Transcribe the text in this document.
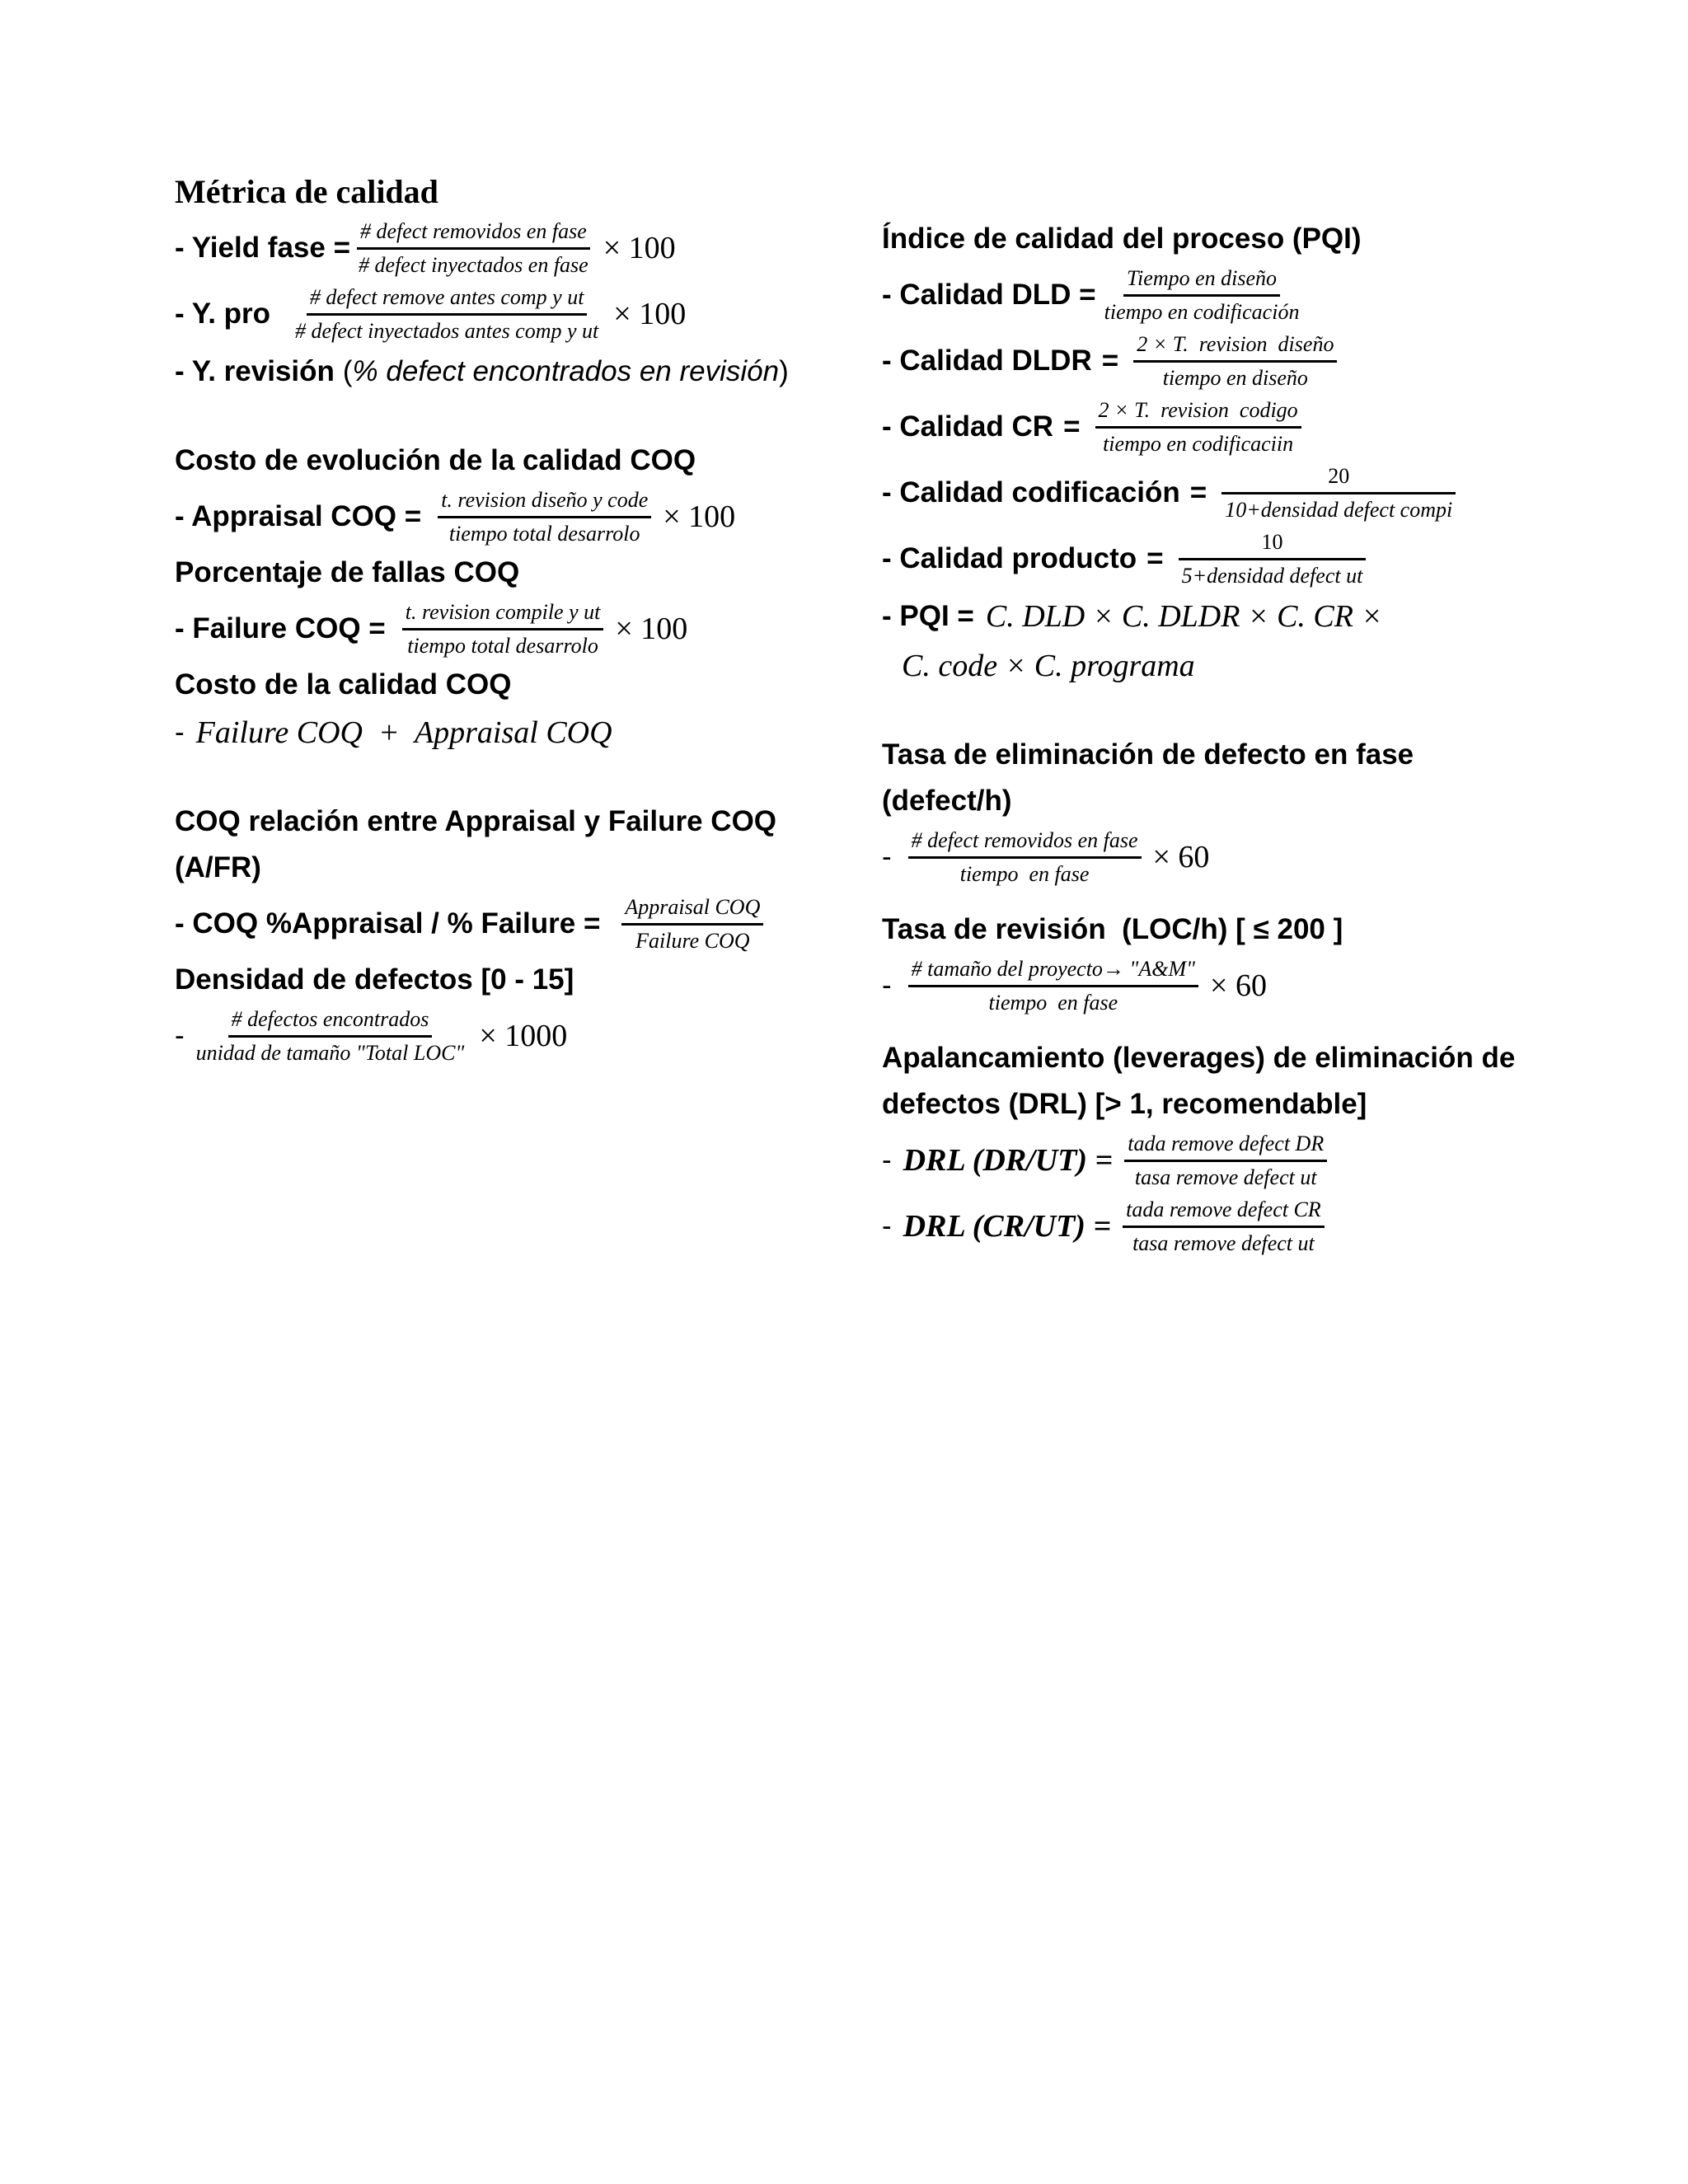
Métrica de calidad
- Yield fase = $\frac{\text{\# defect removidos en fase}}{\text{\# defect inyectados en fase}} \times 100$
- Y. pro $\frac{\text{\# defect remove antes comp y ut}}{\text{\# defect inyectados antes comp y ut}} \times 100$
- Y. revisión ( % defect encontrados en revisión )
Costo de evolución de la calidad COQ
- Appraisal COQ = $\frac{\text{t. revision diseño y code}}{\text{tiempo total desarrolo}} \times 100$
Porcentaje de fallas COQ
- Failure COQ = $\frac{\text{t. revision compile y ut}}{\text{tiempo total desarrolo}} \times 100$
Costo de la calidad COQ
- Failure COQ  +  Appraisal COQ
COQ relación entre Appraisal y Failure COQ (A/FR)
- COQ %Appraisal / % Failure = $\frac{\text{Appraisal COQ}}{\text{Failure COQ}}$
Densidad de defectos [0 - 15]
- $\frac{\text{\# defectos encontrados}}{\text{unidad de tamaño "Total LOC"}} \times 1000$
Índice de calidad del proceso (PQI)
- Calidad DLD = $\frac{\text{Tiempo en diseño}}{\text{tiempo en codificación}}$
- Calidad DLDR = $\frac{\text{2 × T.  revision  diseño}}{\text{tiempo en diseño}}$
- Calidad CR = $\frac{\text{2 × T.  revision  codigo}}{\text{tiempo en codificaciin}}$
- Calidad codificación = $\frac{20}{\text{10+densidad defect compi}}$
- Calidad producto = $\frac{10}{\text{5+densidad defect ut}}$
- PQI = C. DLD × C. DLDR × C. CR ×
C. code × C. programa
Tasa de eliminación de defecto en fase (defect/h)
- $\frac{\text{\# defect removidos en fase}}{\text{tiempo  en fase}} \times 60$
Tasa de revisión  (LOC/h) [ ≤ 200 ]
- $\frac{\text{\# tamaño del proyecto→ "A\&M"}}{\text{tiempo  en fase}} \times 60$
Apalancamiento (leverages) de eliminación de defectos (DRL) [> 1, recomendable]
- DRL $(DR/UT) = \frac{\text{tada remove defect DR}}{\text{tasa remove defect ut}}$
- DRL $(CR/UT) = \frac{\text{tada remove defect CR}}{\text{tasa remove defect ut}}$
